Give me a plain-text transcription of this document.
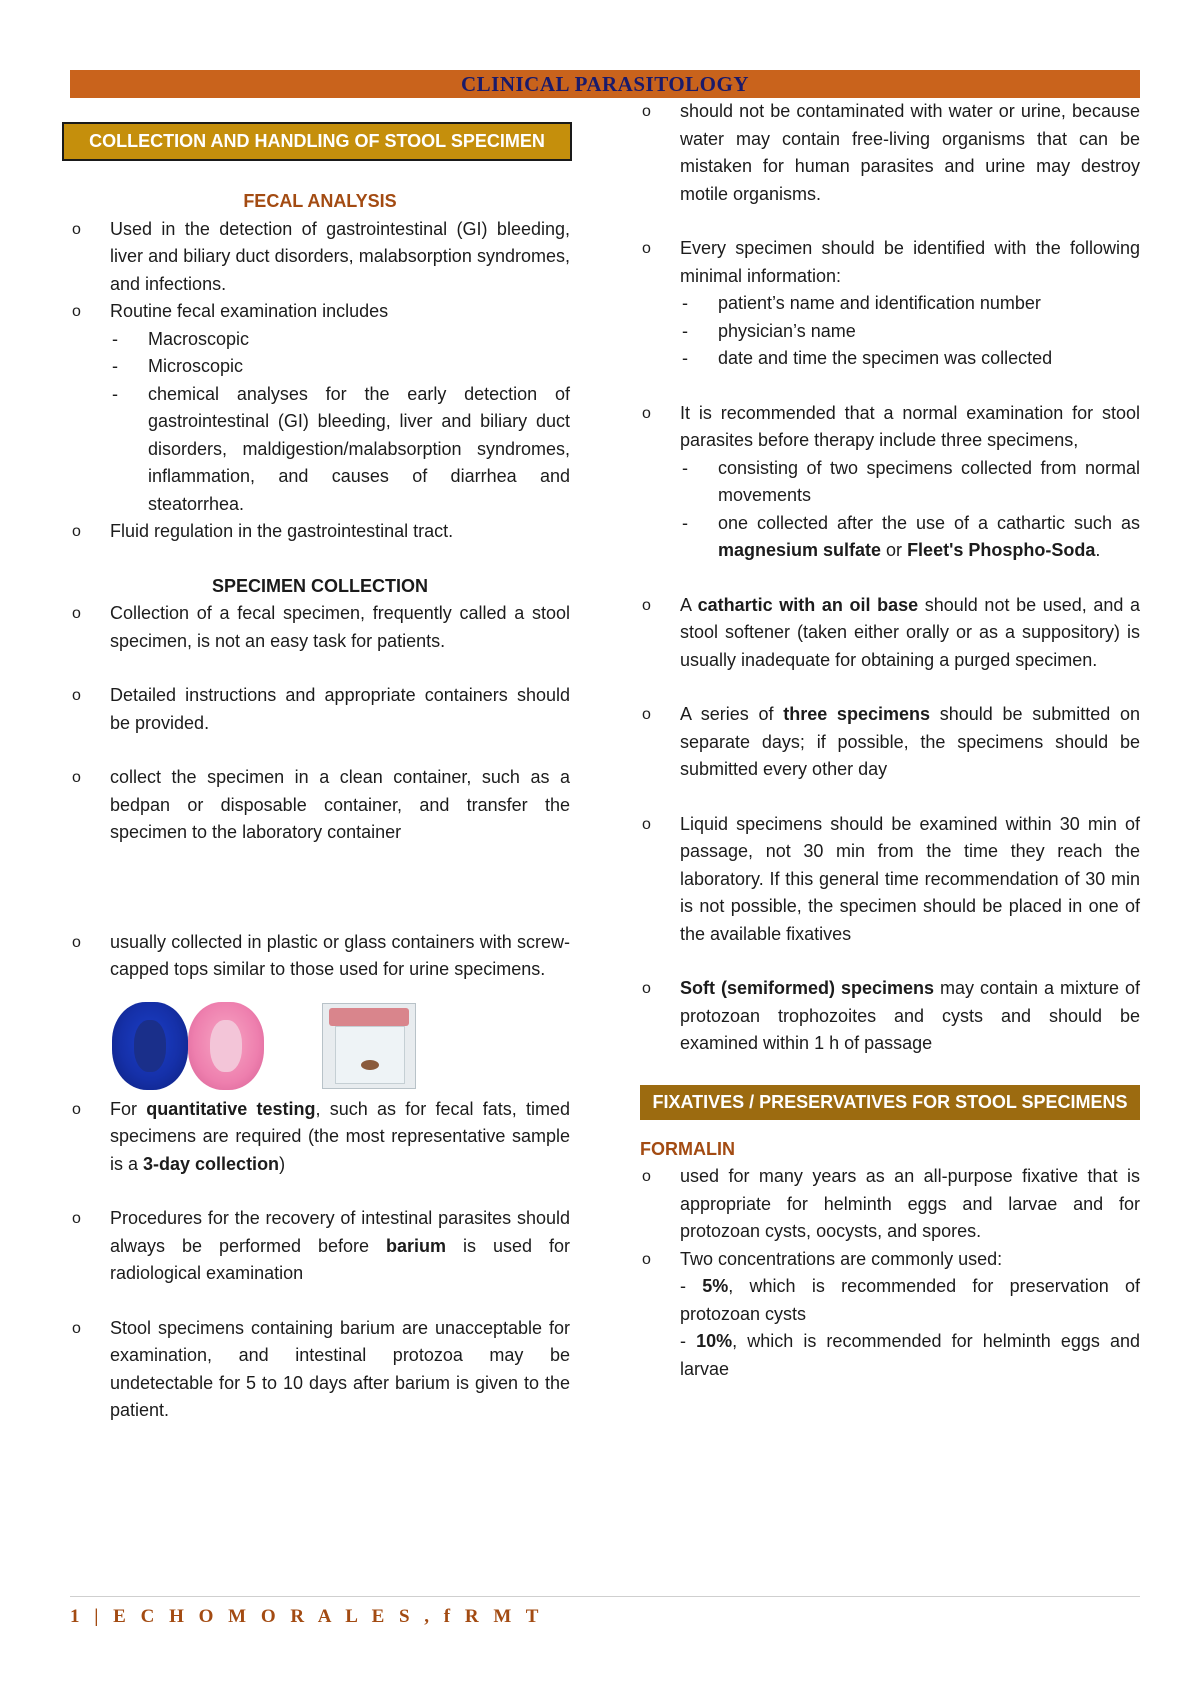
CLINICAL PARASITOLOGY
COLLECTION AND HANDLING OF STOOL SPECIMEN

FECAL ANALYSIS

o Used in the detection of gastrointestinal (GI) bleeding, liver and biliary duct disorders, malabsorption syndromes, and infections.
o Routine fecal examination includes
- Macroscopic
- Microscopic
- chemical analyses for the early detection of gastrointestinal (GI) bleeding, liver and biliary duct disorders, maldigestion/malabsorption syndromes, inflammation, and causes of diarrhea and steatorrhea.
o Fluid regulation in the gastrointestinal tract.

SPECIMEN COLLECTION

o Collection of a fecal specimen, frequently called a stool specimen, is not an easy task for patients.
o Detailed instructions and appropriate containers should be provided.
o collect the specimen in a clean container, such as a bedpan or disposable container, and transfer the specimen to the laboratory container
o usually collected in plastic or glass containers with screw-capped tops similar to those used for urine specimens.
o For quantitative testing, such as for fecal fats, timed specimens are required (the most representative sample is a 3-day collection)
o Procedures for the recovery of intestinal parasites should always be performed before barium is used for radiological examination
o Stool specimens containing barium are unacceptable for examination, and intestinal protozoa may be undetectable for 5 to 10 days after barium is given to the patient.
o should not be contaminated with water or urine, because water may contain free-living organisms that can be mistaken for human parasites and urine may destroy motile organisms.
o Every specimen should be identified with the following minimal information:
- patient’s name and identification number
- physician’s name
- date and time the specimen was collected
o It is recommended that a normal examination for stool parasites before therapy include three specimens,
- consisting of two specimens collected from normal movements
- one collected after the use of a cathartic such as magnesium sulfate or Fleet's Phospho-Soda.
o A cathartic with an oil base should not be used, and a stool softener (taken either orally or as a suppository) is usually inadequate for obtaining a purged specimen.
o A series of three specimens should be submitted on separate days; if possible, the specimens should be submitted every other day
o Liquid specimens should be examined within 30 min of passage, not 30 min from the time they reach the laboratory. If this general time recommendation of 30 min is not possible, the specimen should be placed in one of the available fixatives
o Soft (semiformed) specimens may contain a mixture of protozoan trophozoites and cysts and should be examined within 1 h of passage
FIXATIVES / PRESERVATIVES FOR STOOL SPECIMENS

FORMALIN

o used for many years as an all-purpose fixative that is appropriate for helminth eggs and larvae and for protozoan cysts, oocysts, and spores.
o Two concentrations are commonly used:
- 5%, which is recommended for preservation of protozoan cysts
- 10%, which is recommended for helminth eggs and larvae
1 | E C H O M O R A L E S , f R M T
